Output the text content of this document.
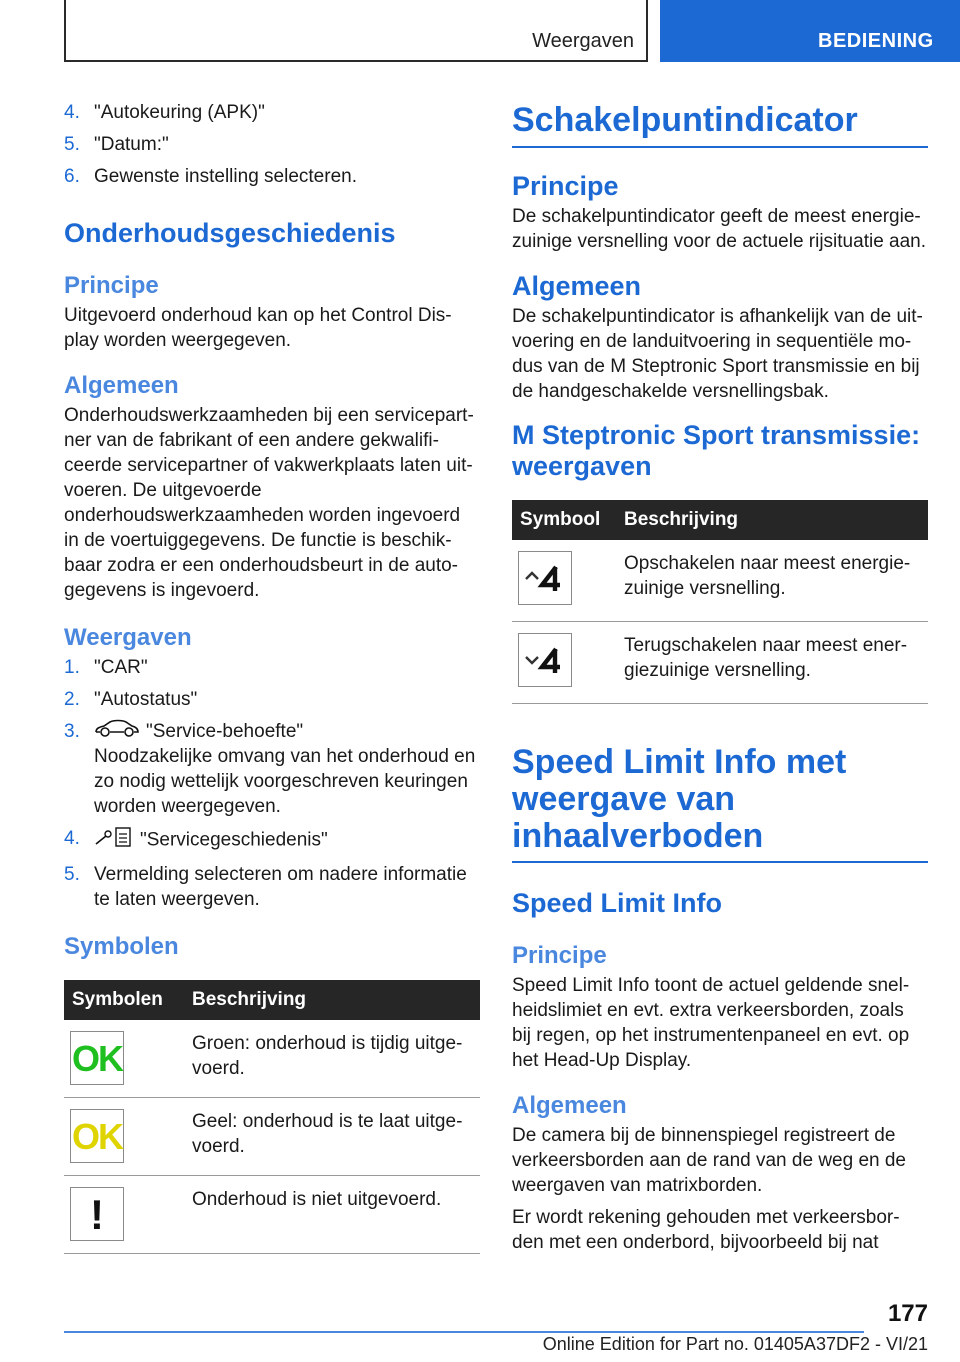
Weergaven	BEDIENING
4. "Autokeuring (APK)"
5. "Datum:"
6. Gewenste instelling selecteren.
Onderhoudsgeschiedenis
Principe

Uitgevoerd onderhoud kan op het Control Dis-play worden weergegeven.

Algemeen

Onderhoudswerkzaamheden bij een servicepart-ner van de fabrikant of een andere gekwalifi-ceerde servicepartner of vakwerkplaats laten uit-voeren. De uitgevoerde onderhoudswerkzaamheden worden ingevoerd in de voertuiggegevens. De functie is beschik-baar zodra er een onderhoudsbeurt in de auto-gegevens is ingevoerd.

Weergaven
1. "CAR"
2. "Autostatus"
3.	"Service-behoefte"
Noodzakelijke omvang van het onderhoud en zo nodig wettelijk voorgeschreven keuringen worden weergegeven.
4.	"Servicegeschiedenis"
5. Vermelding selecteren om nadere informatie te laten weergeven.
Symbolen
Symbolen	Beschrijving

OK	Groen: onderhoud is tijdig uitge-voerd.

OK	Geel: onderhoud is te laat uitge-voerd.

!	Onderhoud is niet uitgevoerd.
Schakelpuntindicator
Principe

De schakelpuntindicator geeft de meest energie-zuinige versnelling voor de actuele rijsituatie aan.

Algemeen

De schakelpuntindicator is afhankelijk van de uit-voering en de landuitvoering in sequentiële mo-dus van de M Steptronic Sport transmissie en bij de handgeschakelde versnellingsbak.

M Steptronic Sport transmissie: weergaven
Symbool	Beschrijving

	Opschakelen naar meest energie-zuinige versnelling.

	Terugschakelen naar meest ener-giezuinige versnelling.
Speed Limit Info met weergave van inhaalverboden
Speed Limit Info
Principe

Speed Limit Info toont de actuel geldende snel-heidslimiet en evt. extra verkeersborden, zoals bij regen, op het instrumentenpaneel en evt. op het Head-Up Display.

Algemeen

De camera bij de binnenspiegel registreert de verkeersborden aan de rand van de weg en de weergaven van matrixborden.

Er wordt rekening gehouden met verkeersbor-den met een onderbord, bijvoorbeeld bij nat

177
Online Edition for Part no. 01405A37DF2 - VI/21
